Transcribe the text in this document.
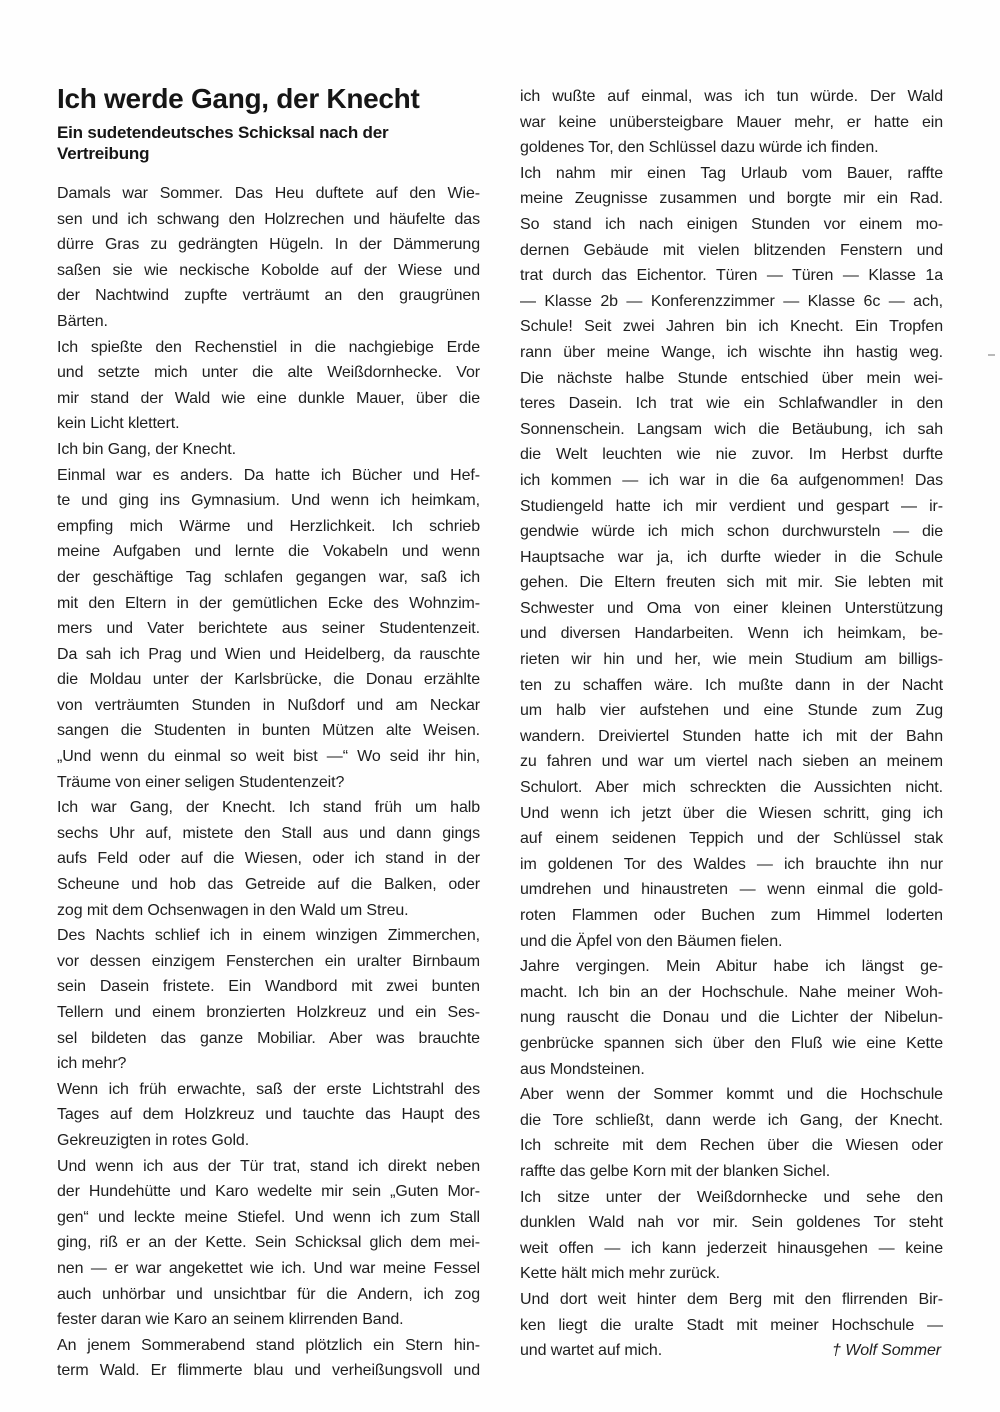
Ich werde Gang, der Knecht
Ein sudetendeutsches Schicksal nach der Vertreibung
Damals war Sommer. Das Heu duftete auf den Wie-
sen und ich schwang den Holzrechen und häufelte das
dürre Gras zu gedrängten Hügeln. In der Dämmerung
saßen sie wie neckische Kobolde auf der Wiese und
der Nachtwind zupfte verträumt an den graugrünen
Bärten.
Ich spießte den Rechenstiel in die nachgiebige Erde
und setzte mich unter die alte Weißdornhecke. Vor
mir stand der Wald wie eine dunkle Mauer, über die
kein Licht klettert.
Ich bin Gang, der Knecht.
Einmal war es anders. Da hatte ich Bücher und Hef-
te und ging ins Gymnasium. Und wenn ich heimkam,
empfing mich Wärme und Herzlichkeit. Ich schrieb
meine Aufgaben und lernte die Vokabeln und wenn
der geschäftige Tag schlafen gegangen war, saß ich
mit den Eltern in der gemütlichen Ecke des Wohnzim-
mers und Vater berichtete aus seiner Studentenzeit.
Da sah ich Prag und Wien und Heidelberg, da rauschte
die Moldau unter der Karlsbrücke, die Donau erzählte
von verträumten Stunden in Nußdorf und am Neckar
sangen die Studenten in bunten Mützen alte Weisen.
„Und wenn du einmal so weit bist —“ Wo seid ihr hin,
Träume von einer seligen Studentenzeit?
Ich war Gang, der Knecht. Ich stand früh um halb
sechs Uhr auf, mistete den Stall aus und dann gings
aufs Feld oder auf die Wiesen, oder ich stand in der
Scheune und hob das Getreide auf die Balken, oder
zog mit dem Ochsenwagen in den Wald um Streu.
Des Nachts schlief ich in einem winzigen Zimmerchen,
vor dessen einzigem Fensterchen ein uralter Birnbaum
sein Dasein fristete. Ein Wandbord mit zwei bunten
Tellern und einem bronzierten Holzkreuz und ein Ses-
sel bildeten das ganze Mobiliar. Aber was brauchte
ich mehr?
Wenn ich früh erwachte, saß der erste Lichtstrahl des
Tages auf dem Holzkreuz und tauchte das Haupt des
Gekreuzigten in rotes Gold.
Und wenn ich aus der Tür trat, stand ich direkt neben
der Hundehütte und Karo wedelte mir sein „Guten Mor-
gen“ und leckte meine Stiefel. Und wenn ich zum Stall
ging, riß er an der Kette. Sein Schicksal glich dem mei-
nen — er war angekettet wie ich. Und war meine Fessel
auch unhörbar und unsichtbar für die Andern, ich zog
fester daran wie Karo an seinem klirrenden Band.
An jenem Sommerabend stand plötzlich ein Stern hin-
term Wald. Er flimmerte blau und verheißungsvoll und
ich wußte auf einmal, was ich tun würde. Der Wald
war keine unübersteigbare Mauer mehr, er hatte ein
goldenes Tor, den Schlüssel dazu würde ich finden.
Ich nahm mir einen Tag Urlaub vom Bauer, raffte
meine Zeugnisse zusammen und borgte mir ein Rad.
So stand ich nach einigen Stunden vor einem mo-
dernen Gebäude mit vielen blitzenden Fenstern und
trat durch das Eichentor. Türen — Türen — Klasse 1a
— Klasse 2b — Konferenzzimmer — Klasse 6c — ach,
Schule! Seit zwei Jahren bin ich Knecht. Ein Tropfen
rann über meine Wange, ich wischte ihn hastig weg.
Die nächste halbe Stunde entschied über mein wei-
teres Dasein. Ich trat wie ein Schlafwandler in den
Sonnenschein. Langsam wich die Betäubung, ich sah
die Welt leuchten wie nie zuvor. Im Herbst durfte
ich kommen — ich war in die 6a aufgenommen! Das
Studiengeld hatte ich mir verdient und gespart — ir-
gendwie würde ich mich schon durchwursteln — die
Hauptsache war ja, ich durfte wieder in die Schule
gehen. Die Eltern freuten sich mit mir. Sie lebten mit
Schwester und Oma von einer kleinen Unterstützung
und diversen Handarbeiten. Wenn ich heimkam, be-
rieten wir hin und her, wie mein Studium am billigs-
ten zu schaffen wäre. Ich mußte dann in der Nacht
um halb vier aufstehen und eine Stunde zum Zug
wandern. Dreiviertel Stunden hatte ich mit der Bahn
zu fahren und war um viertel nach sieben an meinem
Schulort. Aber mich schreckten die Aussichten nicht.
Und wenn ich jetzt über die Wiesen schritt, ging ich
auf einem seidenen Teppich und der Schlüssel stak
im goldenen Tor des Waldes — ich brauchte ihn nur
umdrehen und hinaustreten — wenn einmal die gold-
roten Flammen oder Buchen zum Himmel loderten
und die Äpfel von den Bäumen fielen.
Jahre vergingen. Mein Abitur habe ich längst ge-
macht. Ich bin an der Hochschule. Nahe meiner Woh-
nung rauscht die Donau und die Lichter der Nibelun-
genbrücke spannen sich über den Fluß wie eine Kette
aus Mondsteinen.
Aber wenn der Sommer kommt und die Hochschule
die Tore schließt, dann werde ich Gang, der Knecht.
Ich schreite mit dem Rechen über die Wiesen oder
raffte das gelbe Korn mit der blanken Sichel.
Ich sitze unter der Weißdornhecke und sehe den
dunklen Wald nah vor mir. Sein goldenes Tor steht
weit offen — ich kann jederzeit hinausgehen — keine
Kette hält mich mehr zurück.
Und dort weit hinter dem Berg mit den flirrenden Bir-
ken liegt die uralte Stadt mit meiner Hochschule —
und wartet auf mich.	† Wolf Sommer
